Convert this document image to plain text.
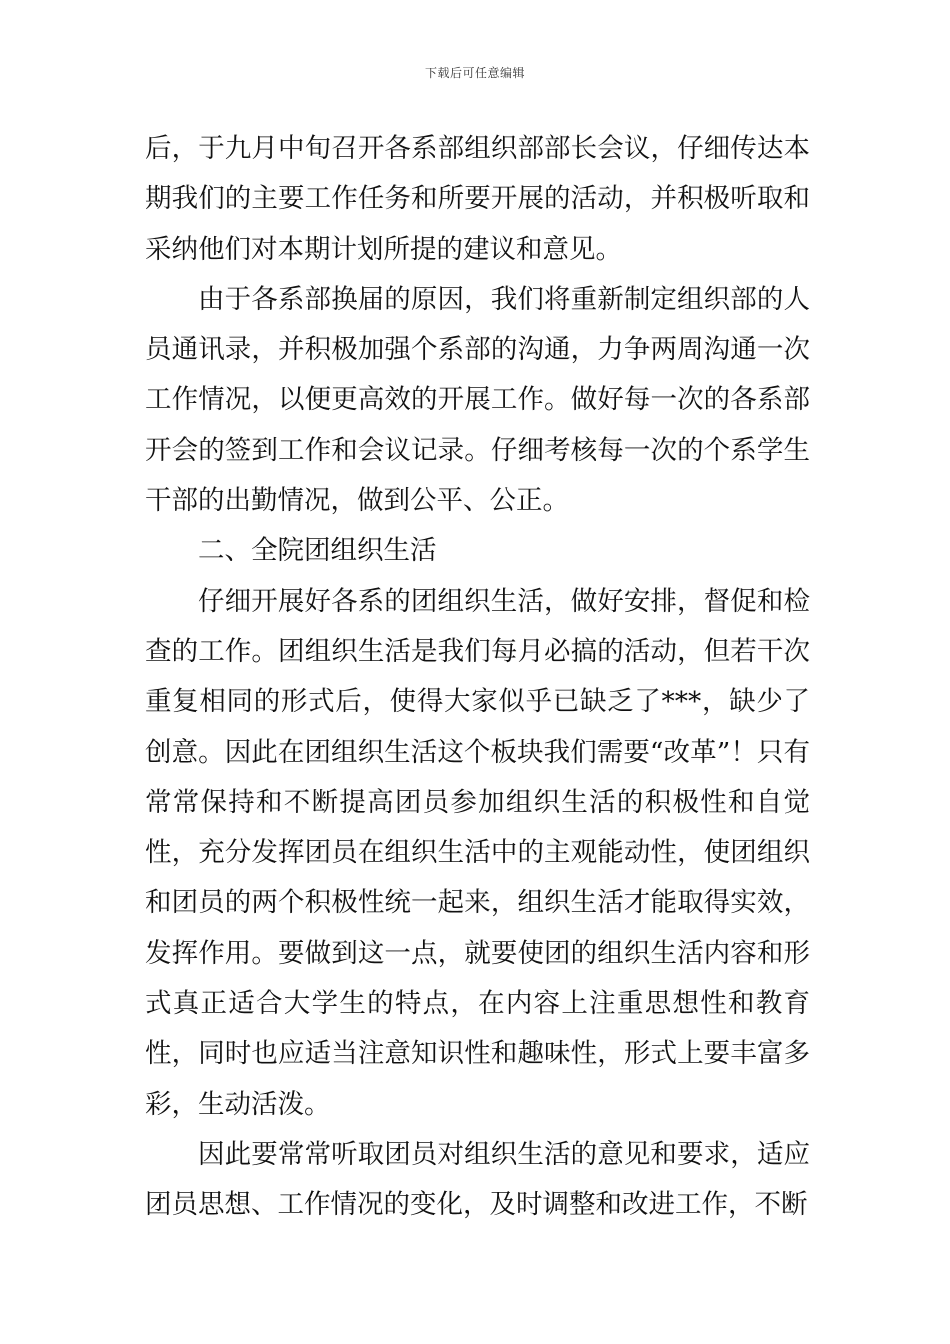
下载后可任意编辑

后，于九月中旬召开各系部组织部部长会议，仔细传达本期我们的主要工作任务和所要开展的活动，并积极听取和采纳他们对本期计划所提的建议和意见。

由于各系部换届的原因，我们将重新制定组织部的人员通讯录，并积极加强个系部的沟通，力争两周沟通一次工作情况，以便更高效的开展工作。做好每一次的各系部开会的签到工作和会议记录。仔细考核每一次的个系学生干部的出勤情况，做到公平、公正。

二、全院团组织生活

仔细开展好各系的团组织生活，做好安排，督促和检查的工作。团组织生活是我们每月必搞的活动，但若干次重复相同的形式后，使得大家似乎已缺乏了***，缺少了创意。因此在团组织生活这个板块我们需要“改革”！只有常常保持和不断提高团员参加组织生活的积极性和自觉性，充分发挥团员在组织生活中的主观能动性，使团组织和团员的两个积极性统一起来，组织生活才能取得实效，发挥作用。要做到这一点，就要使团的组织生活内容和形式真正适合大学生的特点，在内容上注重思想性和教育性，同时也应适当注意知识性和趣味性，形式上要丰富多彩，生动活泼。

因此要常常听取团员对组织生活的意见和要求，适应团员思想、工作情况的变化，及时调整和改进工作，不断
